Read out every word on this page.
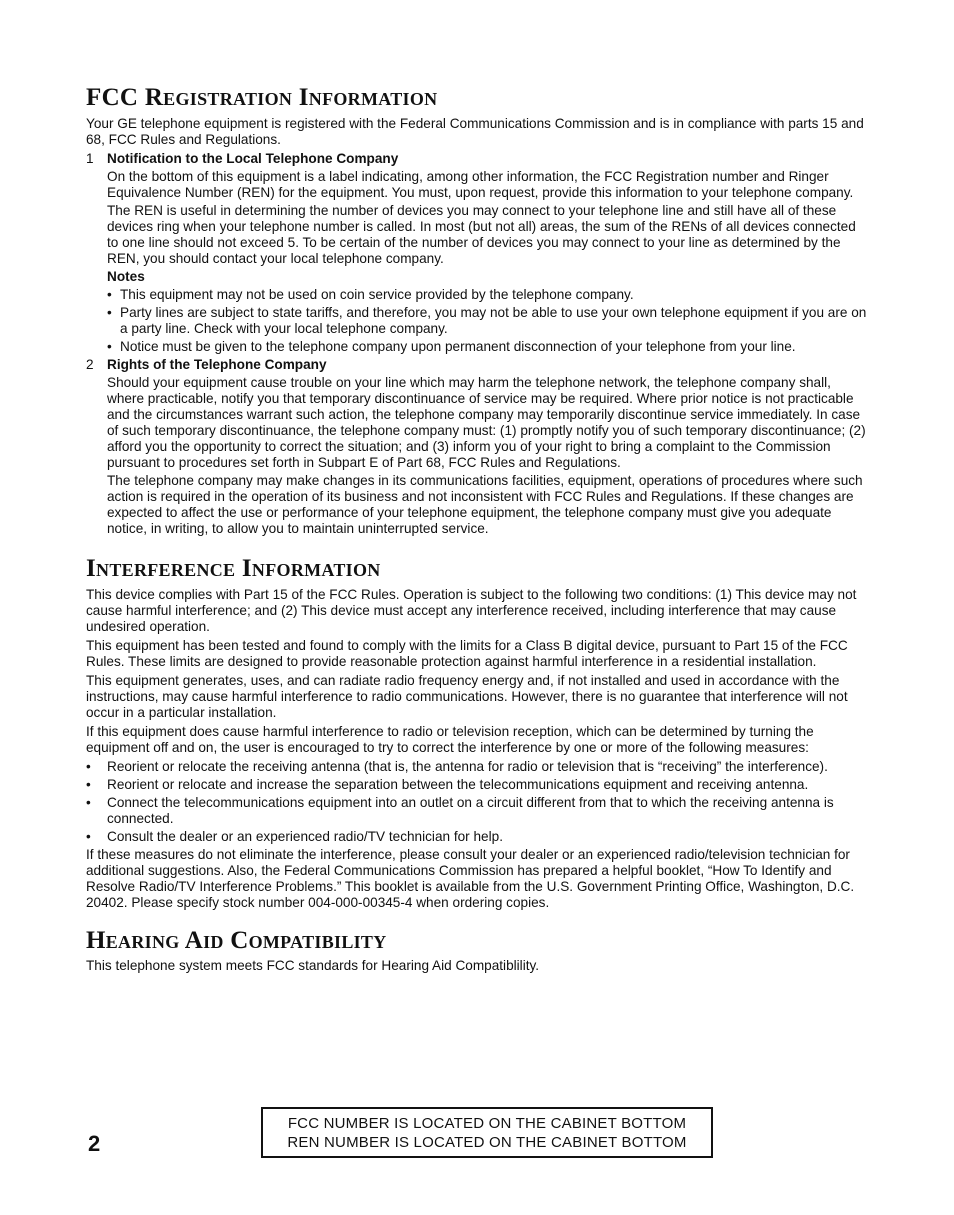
FCC Registration Information

Your GE telephone equipment is registered with the Federal Communications Commission and is in compliance with parts 15 and 68, FCC Rules and Regulations.

1 Notification to the Local Telephone Company

On the bottom of this equipment is a label indicating, among other information, the FCC Registration number and Ringer Equivalence Number (REN) for the equipment. You must, upon request, provide this information to your telephone company.

The REN is useful in determining the number of devices you may connect to your telephone line and still have all of these devices ring when your telephone number is called. In most (but not all) areas, the sum of the RENs of all devices connected to one line should not exceed 5. To be certain of the number of devices you may connect to your line as determined by the REN, you should contact your local telephone company.

Notes

• This equipment may not be used on coin service provided by the telephone company.
• Party lines are subject to state tariffs, and therefore, you may not be able to use your own telephone equipment if you are on a party line. Check with your local telephone company.
• Notice must be given to the telephone company upon permanent disconnection of your telephone from your line.
2 Rights of the Telephone Company

Should your equipment cause trouble on your line which may harm the telephone network, the telephone company shall, where practicable, notify you that temporary discontinuance of service may be required. Where prior notice is not practicable and the circumstances warrant such action, the telephone company may temporarily discontinue service immediately. In case of such temporary discontinuance, the telephone company must: (1) promptly notify you of such temporary discontinuance; (2) afford you the opportunity to correct the situation; and (3) inform you of your right to bring a complaint to the Commission pursuant to procedures set forth in Subpart E of Part 68, FCC Rules and Regulations.

The telephone company may make changes in its communications facilities, equipment, operations of procedures where such action is required in the operation of its business and not inconsistent with FCC Rules and Regulations. If these changes are expected to affect the use or performance of your telephone equipment, the telephone company must give you adequate notice, in writing, to allow you to maintain uninterrupted service.

Interference Information

This device complies with Part 15 of the FCC Rules. Operation is subject to the following two conditions: (1) This device may not cause harmful interference; and (2) This device must accept any interference received, including interference that may cause undesired operation.

This equipment has been tested and found to comply with the limits for a Class B digital device, pursuant to Part 15 of the FCC Rules. These limits are designed to provide reasonable protection against harmful interference in a residential installation.

This equipment generates, uses, and can radiate radio frequency energy and, if not installed and used in accordance with the instructions, may cause harmful interference to radio communications. However, there is no guarantee that interference will not occur in a particular installation.

If this equipment does cause harmful interference to radio or television reception, which can be determined by turning the equipment off and on, the user is encouraged to try to correct the interference by one or more of the following measures:

• Reorient or relocate the receiving antenna (that is, the antenna for radio or television that is “receiving” the interference).
• Reorient or relocate and increase the separation between the telecommunications equipment and receiving antenna.
• Connect the telecommunications equipment into an outlet on a circuit different from that to which the receiving antenna is connected.
• Consult the dealer or an experienced radio/TV technician for help.

If these measures do not eliminate the interference, please consult your dealer or an experienced radio/television technician for additional suggestions. Also, the Federal Communications Commission has prepared a helpful booklet, “How To Identify and Resolve Radio/TV Interference Problems.” This booklet is available from the U.S. Government Printing Office, Washington, D.C. 20402. Please specify stock number 004-000-00345-4 when ordering copies.

Hearing Aid Compatibility

This telephone system meets FCC standards for Hearing Aid Compatiblility.

2
FCC NUMBER IS LOCATED ON THE CABINET BOTTOM
REN NUMBER IS LOCATED ON THE CABINET BOTTOM
